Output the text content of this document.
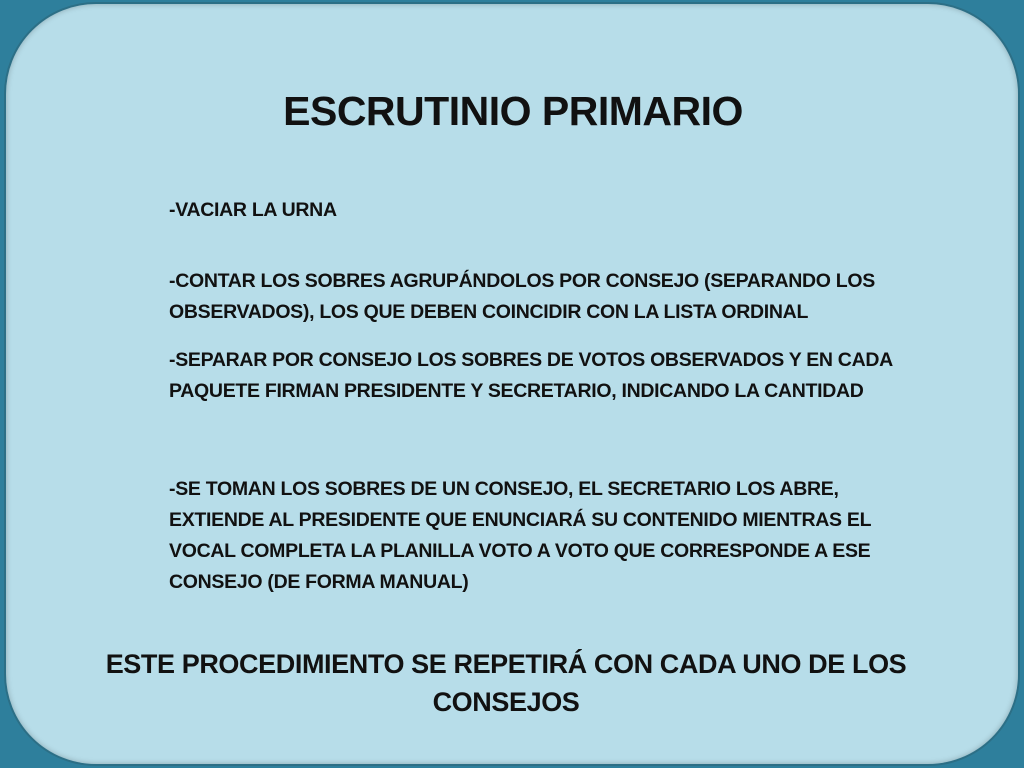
ESCRUTINIO PRIMARIO
-VACIAR LA URNA
-CONTAR LOS SOBRES AGRUPÁNDOLOS POR CONSEJO (SEPARANDO LOS OBSERVADOS), LOS QUE DEBEN COINCIDIR CON LA LISTA ORDINAL
-SEPARAR POR CONSEJO LOS SOBRES DE VOTOS OBSERVADOS Y EN CADA PAQUETE FIRMAN PRESIDENTE Y SECRETARIO, INDICANDO LA CANTIDAD
-SE TOMAN LOS SOBRES DE UN CONSEJO, EL SECRETARIO LOS ABRE, EXTIENDE AL PRESIDENTE QUE ENUNCIARÁ SU CONTENIDO MIENTRAS EL VOCAL COMPLETA LA PLANILLA VOTO A VOTO QUE CORRESPONDE A ESE CONSEJO (DE FORMA MANUAL)
ESTE PROCEDIMIENTO SE REPETIRÁ CON CADA UNO DE LOS CONSEJOS
